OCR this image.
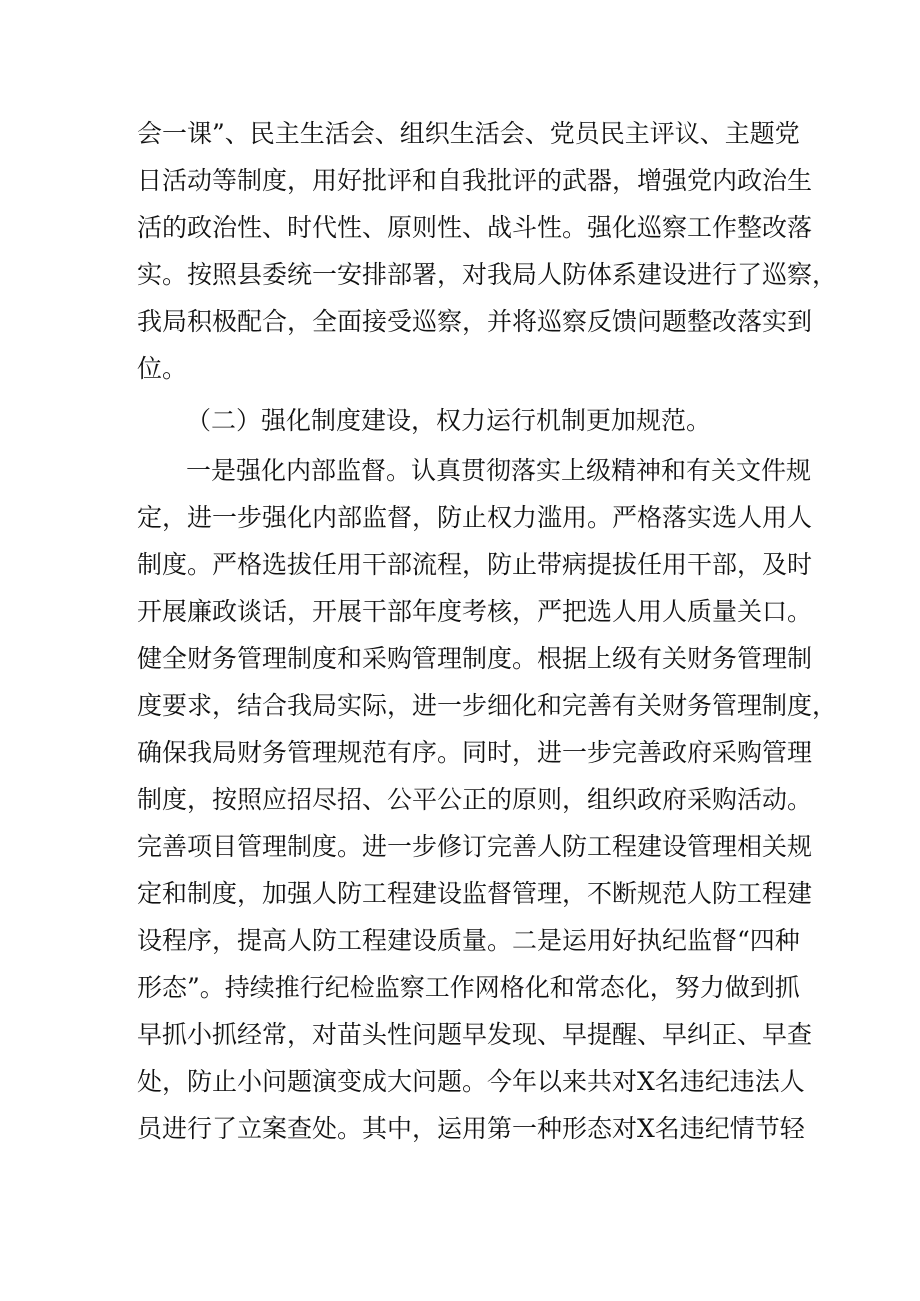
会一课”、民主生活会、组织生活会、党员民主评议、主题党
日活动等制度，用好批评和自我批评的武器，增强党内政治生
活的政治性、时代性、原则性、战斗性。强化巡察工作整改落
实。按照县委统一安排部署，对我局人防体系建设进行了巡察，
我局积极配合，全面接受巡察，并将巡察反馈问题整改落实到
位。
（二）强化制度建设，权力运行机制更加规范。
一是强化内部监督。认真贯彻落实上级精神和有关文件规
定，进一步强化内部监督，防止权力滥用。严格落实选人用人
制度。严格选拔任用干部流程，防止带病提拔任用干部，及时
开展廉政谈话，开展干部年度考核，严把选人用人质量关口。
健全财务管理制度和采购管理制度。根据上级有关财务管理制
度要求，结合我局实际，进一步细化和完善有关财务管理制度，
确保我局财务管理规范有序。同时，进一步完善政府采购管理
制度，按照应招尽招、公平公正的原则，组织政府采购活动。
完善项目管理制度。进一步修订完善人防工程建设管理相关规
定和制度，加强人防工程建设监督管理，不断规范人防工程建
设程序，提高人防工程建设质量。二是运用好执纪监督“四种
形态”。持续推行纪检监察工作网格化和常态化，努力做到抓
早抓小抓经常，对苗头性问题早发现、早提醒、早纠正、早查
处，防止小问题演变成大问题。今年以来共对X名违纪违法人
员进行了立案查处。其中，运用第一种形态对X名违纪情节轻
